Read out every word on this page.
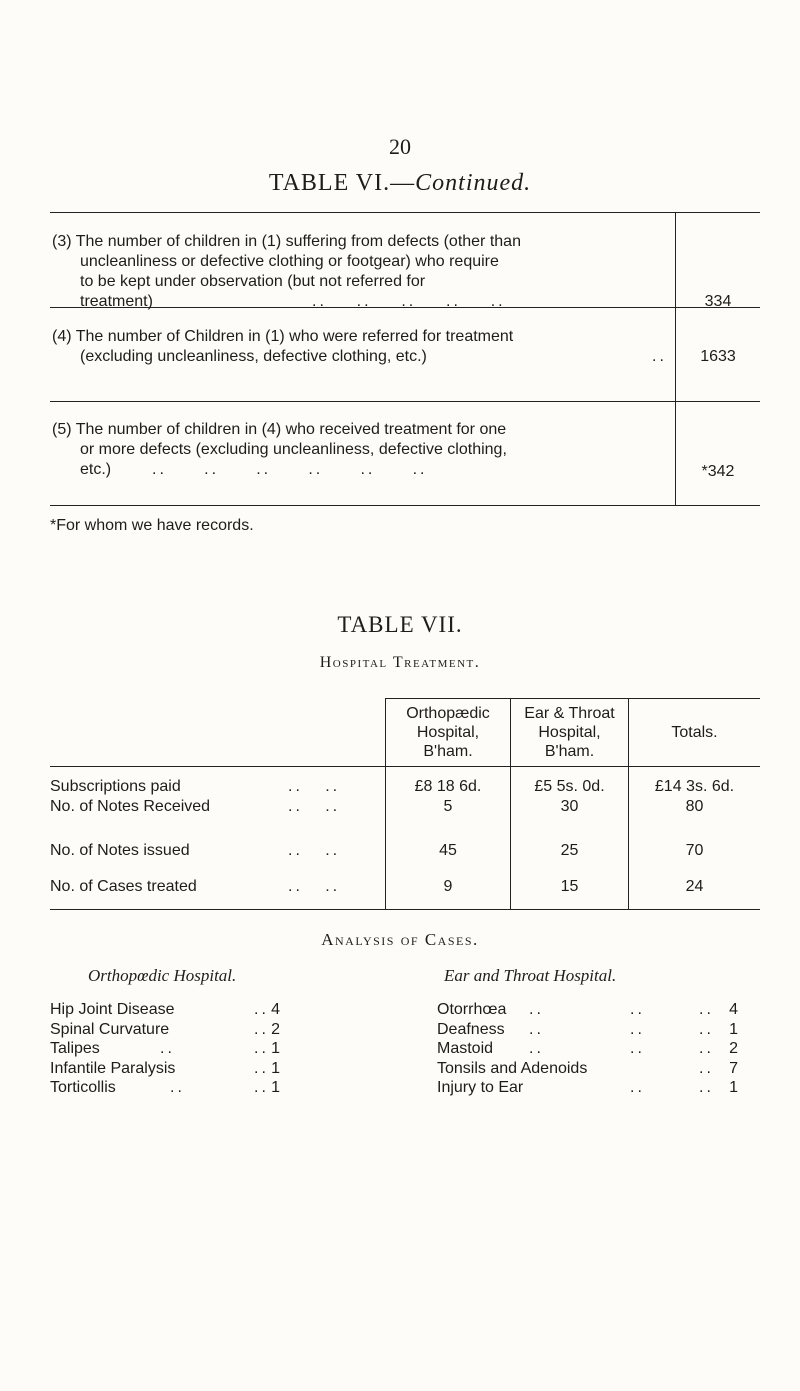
20
TABLE VI.—Continued.
(3) The number of children in (1) suffering from defects (other than
uncleanliness or defective clothing or footgear) who require
to be kept under observation (but not referred for
treatment)	..    ..    ..    ..    ..	334
(4) The number of Children in (1) who were referred for treatment
(excluding uncleanliness, defective clothing, etc.)	..	1633
(5) The number of children in (4) who received treatment for one
or more defects (excluding uncleanliness, defective clothing,
etc.)	..     ..     ..     ..     ..     ..	*342
*For whom we have records.
TABLE VII.
Hospital Treatment.
Orthopædic
Hospital,
B'ham.
Ear & Throat
Hospital,
B'ham.
Totals.
Subscriptions paid	..   ..	£8 18 6d.	£5 5s. 0d.	£14 3s. 6d.
No. of Notes Received	..   ..	5	30	80
No. of Notes issued	..   ..	45	25	70
No. of Cases treated	..   ..	9	15	24
Analysis of Cases.
Orthopœdic Hospital.	Ear and Throat Hospital.
Hip Joint Disease	.. 4
Spinal Curvature	.. 2
Talipes	..	.. 1
Infantile Paralysis	.. 1
Torticollis	..	.. 1
Otorrhœa ..	..	.. 4
Deafness ..	..	.. 1
Mastoid ..	..	.. 2
Tonsils and Adenoids	.. 7
Injury to Ear	..	.. 1
